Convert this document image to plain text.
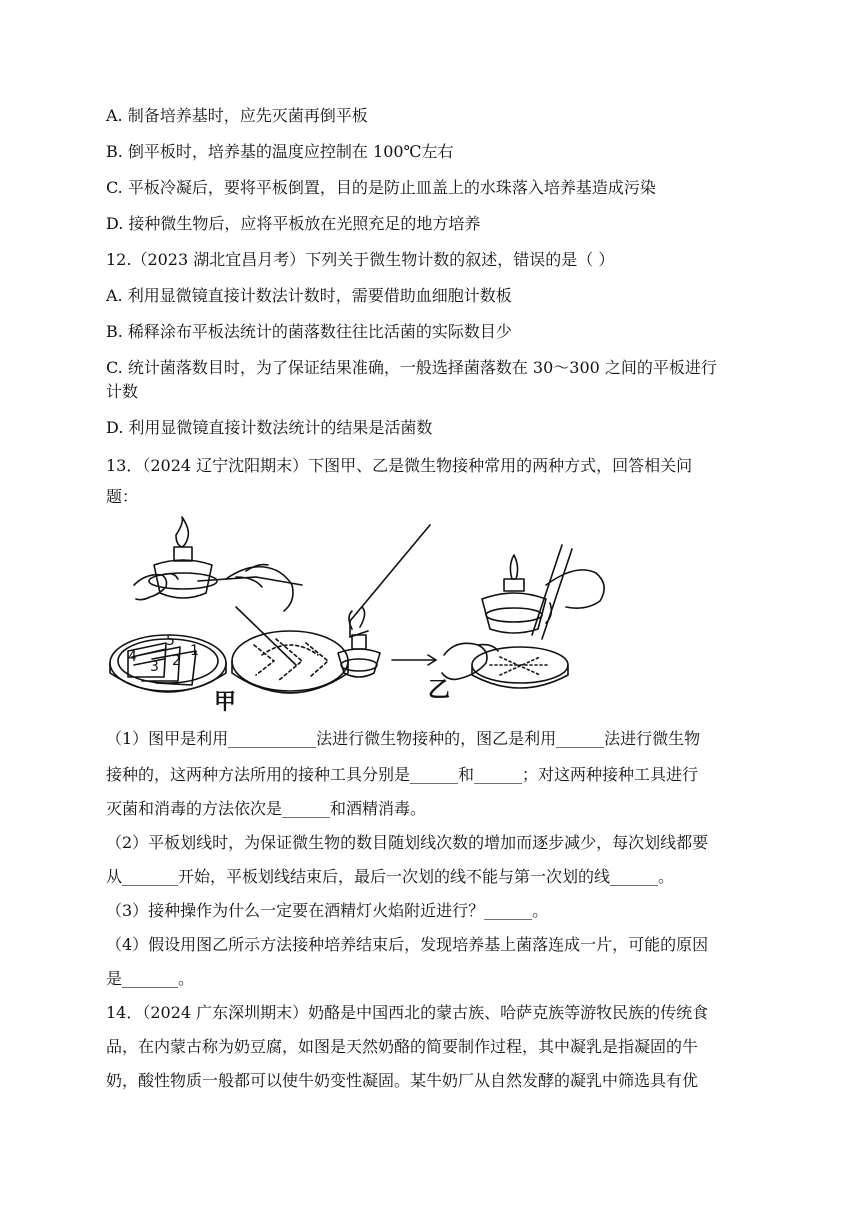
A. 制备培养基时，应先灭菌再倒平板
B. 倒平板时，培养基的温度应控制在 100℃左右
C. 平板冷凝后，要将平板倒置，目的是防止皿盖上的水珠落入培养基造成污染
D. 接种微生物后，应将平板放在光照充足的地方培养
12.（2023 湖北宜昌月考）下列关于微生物计数的叙述，错误的是（ ）
A. 利用显微镜直接计数法计数时，需要借助血细胞计数板
B. 稀释涂布平板法统计的菌落数往往比活菌的实际数目少
C. 统计菌落数目时，为了保证结果准确，一般选择菌落数在 30～300 之间的平板进行
计数
D. 利用显微镜直接计数法统计的结果是活菌数
13．（2024 辽宁沈阳期末）下图甲、乙是微生物接种常用的两种方式，回答相关问
题：
4
3 2
1
5
甲	乙
（1）图甲是利用___________法进行微生物接种的，图乙是利用______法进行微生物
接种的，这两种方法所用的接种工具分别是______和______；对这两种接种工具进行
灭菌和消毒的方法依次是______和酒精消毒。
（2）平板划线时，为保证微生物的数目随划线次数的增加而逐步减少，每次划线都要
从_______开始，平板划线结束后，最后一次划的线不能与第一次划的线______。
（3）接种操作为什么一定要在酒精灯火焰附近进行？______。
（4）假设用图乙所示方法接种培养结束后，发现培养基上菌落连成一片，可能的原因
是_______。
14．（2024 广东深圳期末）奶酪是中国西北的蒙古族、哈萨克族等游牧民族的传统食
品，在内蒙古称为奶豆腐，如图是天然奶酪的简要制作过程，其中凝乳是指凝固的牛
奶，酸性物质一般都可以使牛奶变性凝固。某牛奶厂从自然发酵的凝乳中筛选具有优
